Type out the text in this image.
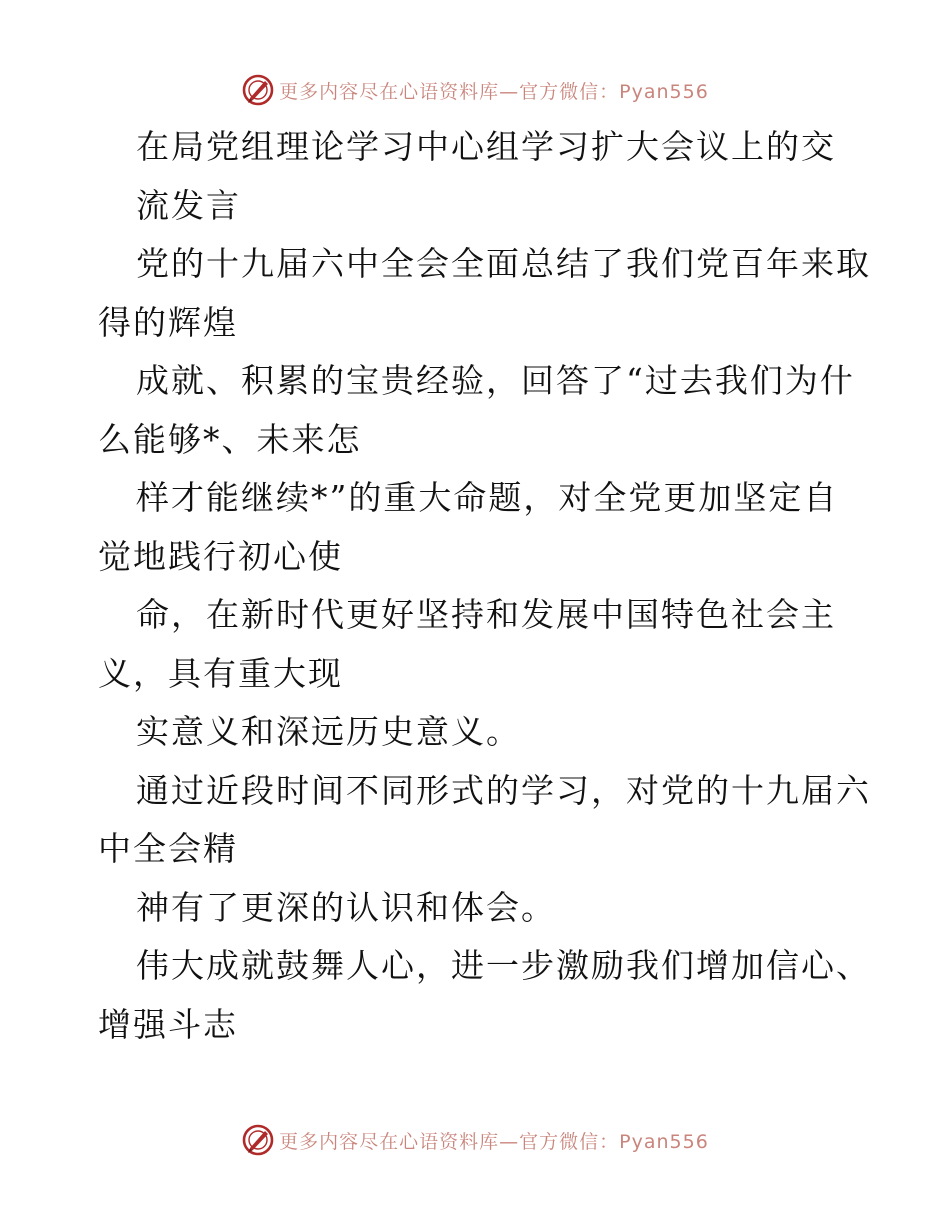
更多内容尽在心语资料库—官方微信：Pyan556
在局党组理论学习中心组学习扩大会议上的交
流发言
党的十九届六中全会全面总结了我们党百年来取
得的辉煌
成就、积累的宝贵经验，回答了“过去我们为什
么能够*、未来怎
样才能继续*”的重大命题，对全党更加坚定自
觉地践行初心使
命，在新时代更好坚持和发展中国特色社会主
义，具有重大现
实意义和深远历史意义。
通过近段时间不同形式的学习，对党的十九届六
中全会精
神有了更深的认识和体会。
伟大成就鼓舞人心，进一步激励我们增加信心、
增强斗志
更多内容尽在心语资料库—官方微信：Pyan556
